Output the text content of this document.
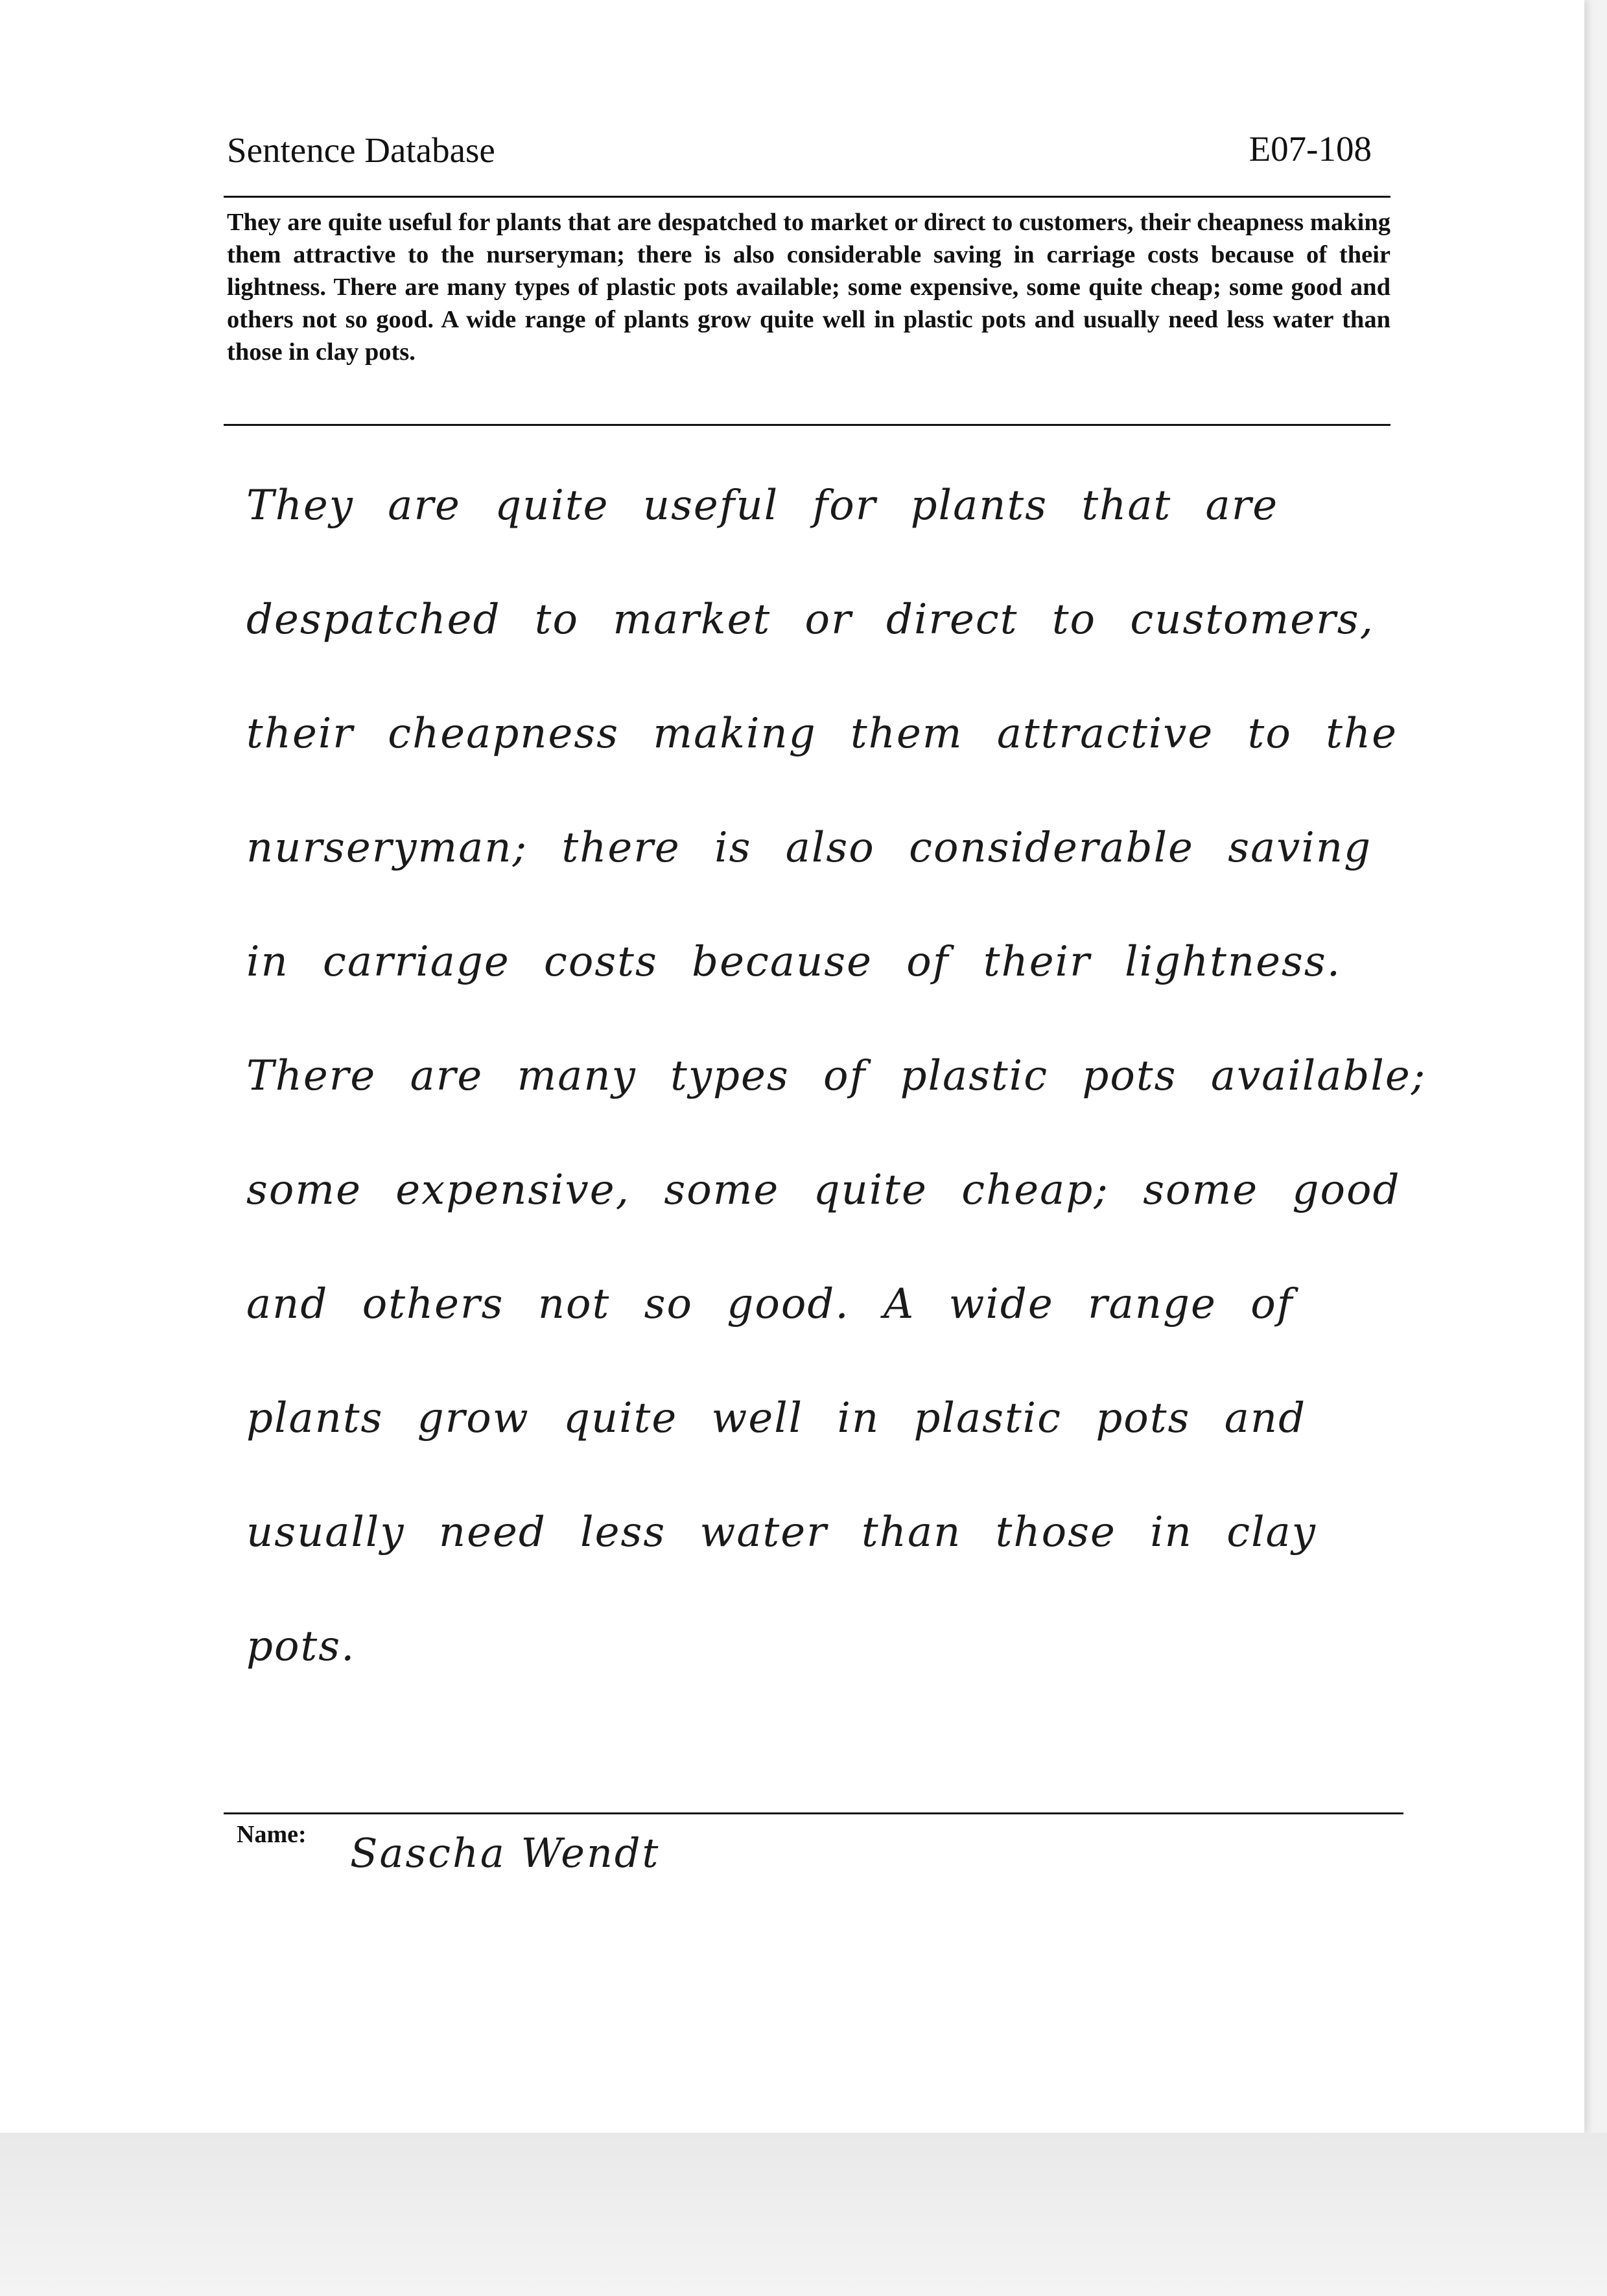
Sentence Database	E07-108

They are quite useful for plants that are despatched to market or direct to customers, their cheapness making them attractive to the nurseryman; there is also considerable saving in carriage costs because of their lightness. There are many types of plastic pots available; some expensive, some quite cheap; some good and others not so good. A wide range of plants grow quite well in plastic pots and usually need less water than those in clay pots.

They are quite useful for plants that are
despatched to market or direct to customers,
their cheapness making them attractive to the
nurseryman; there is also considerable saving
in carriage costs because of their lightness.
There are many types of plastic pots available;
some expensive, some quite cheap; some good
and others not so good. A wide range of
plants grow quite well in plastic pots and
usually need less water than those in clay
pots.
Name: Sascha Wendt
